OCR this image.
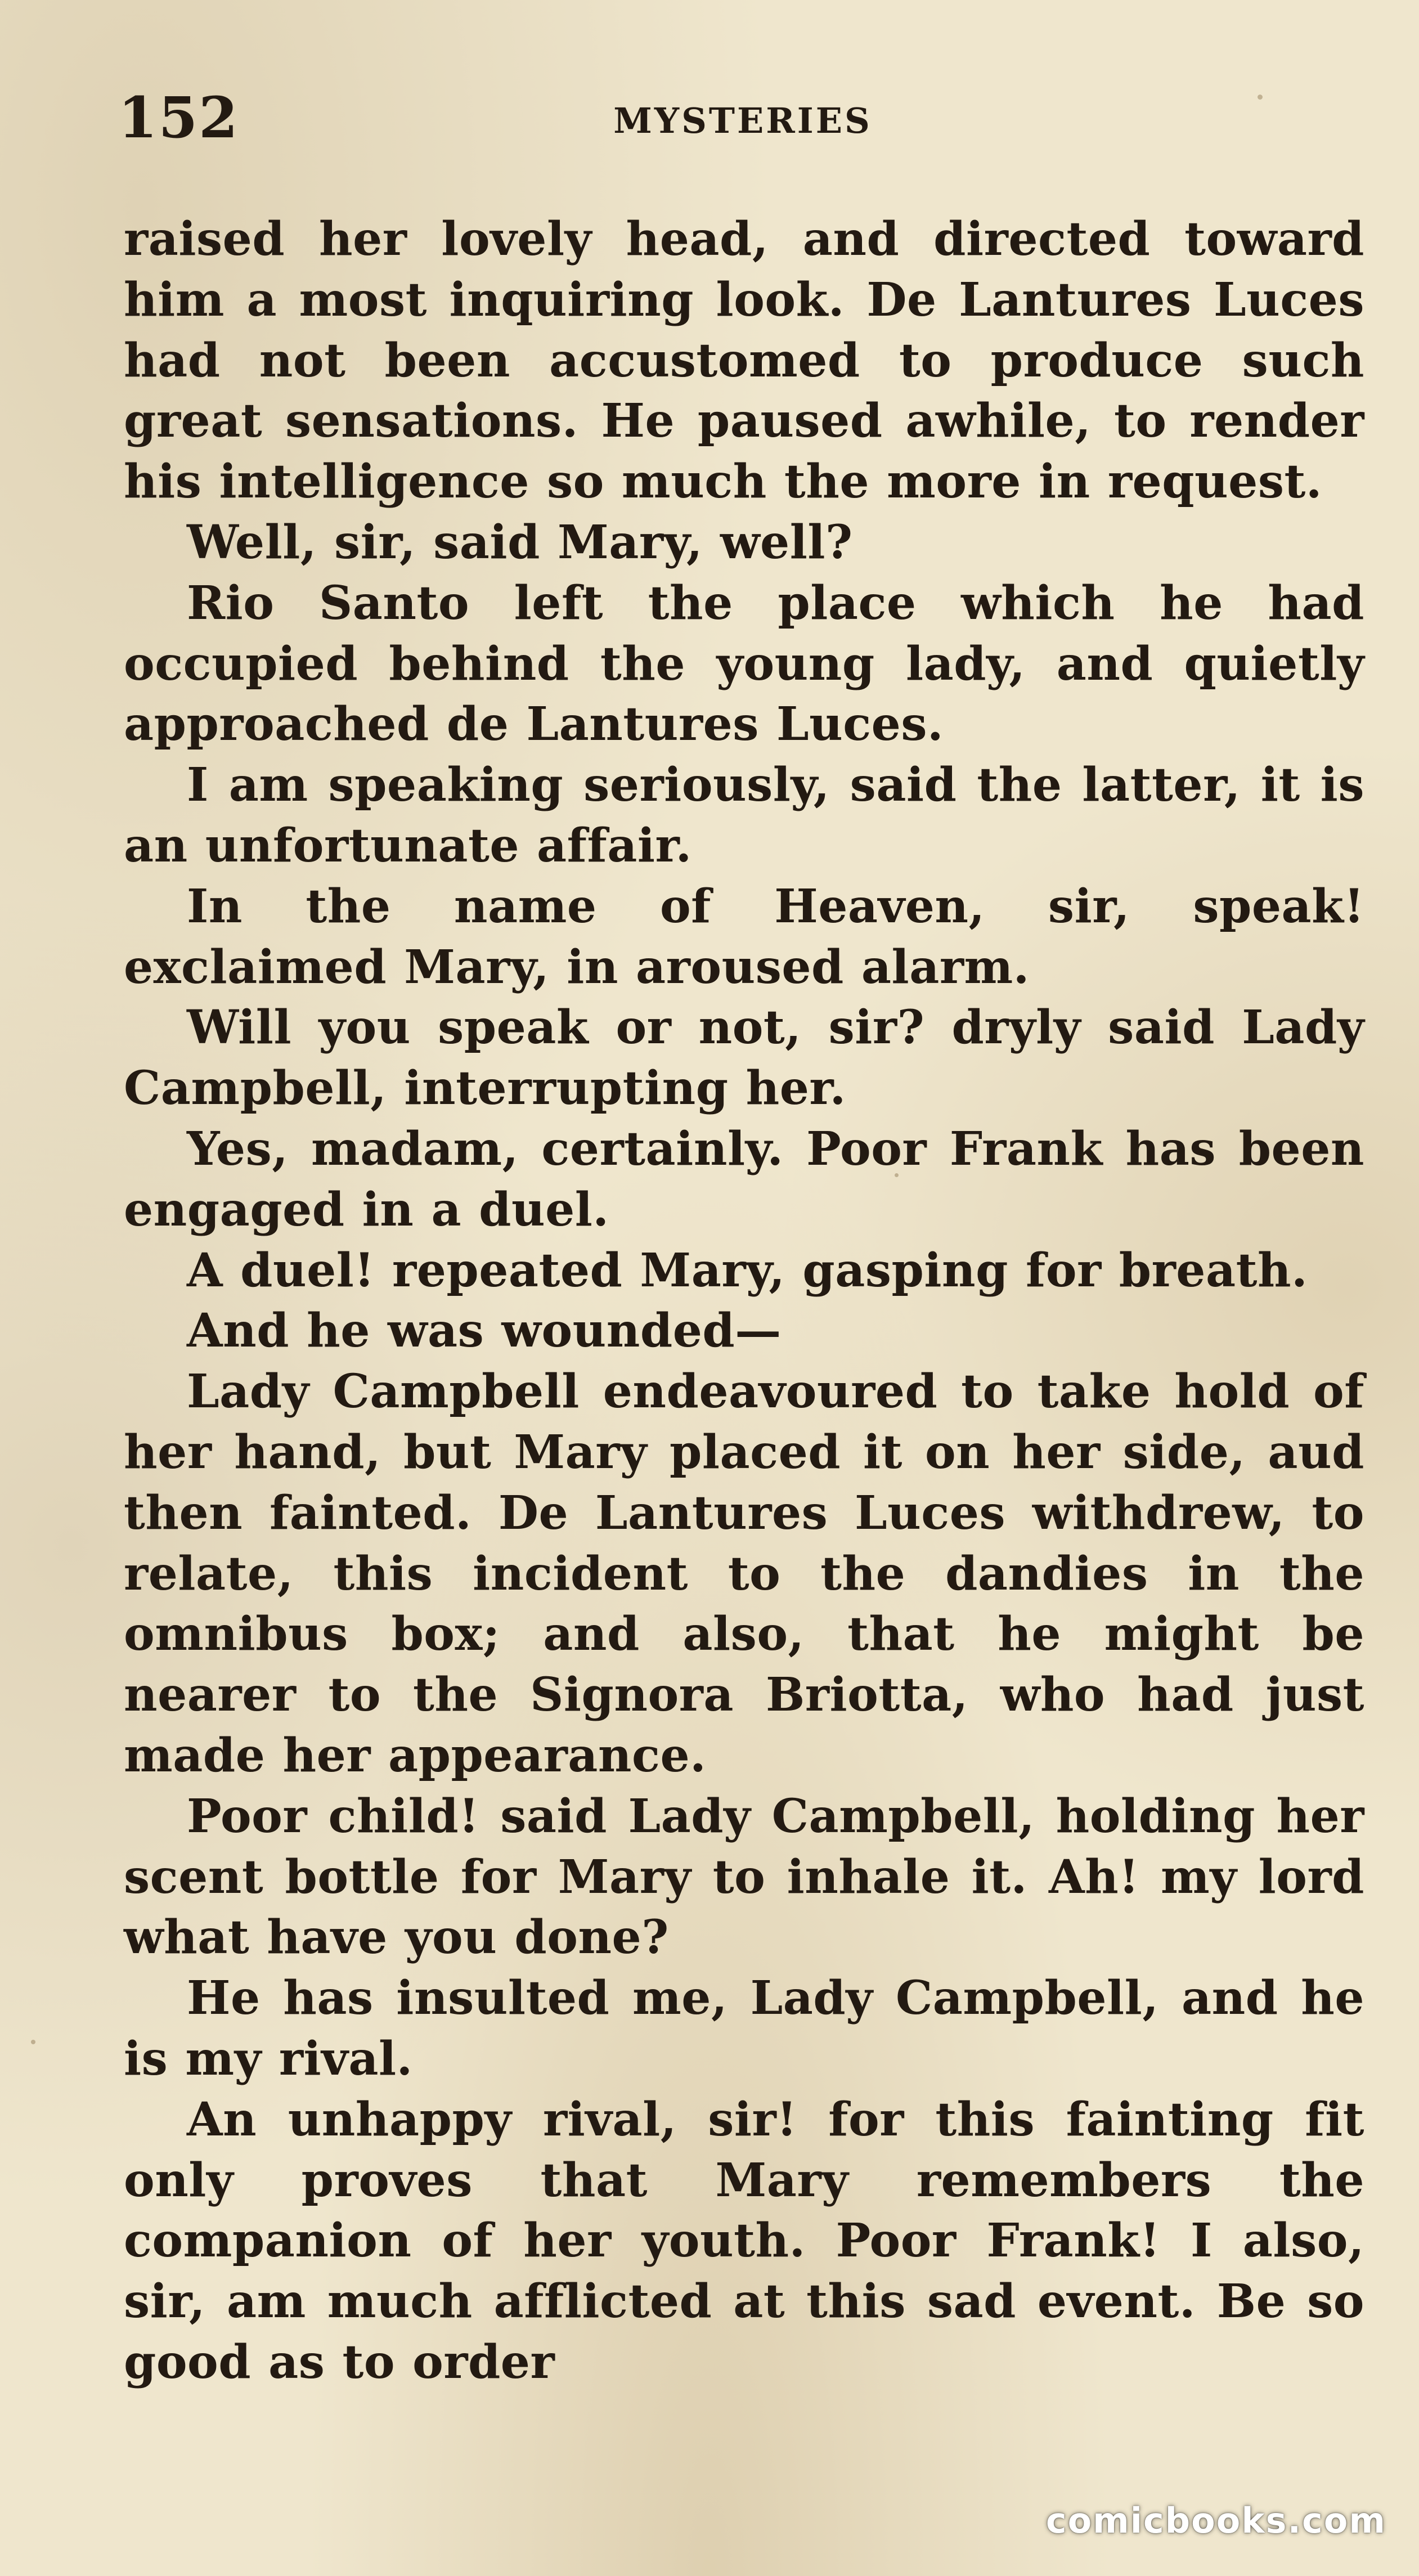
152	MYSTERIES

raised her lovely head, and directed toward him a most inquiring look. De Lantures Luces had not been accustomed to produce such great sensations. He paused awhile, to render his intelligence so much the more in request.

Well, sir, said Mary, well?

Rio Santo left the place which he had occupied behind the young lady, and quietly approached de Lantures Luces.

I am speaking seriously, said the latter, it is an unfortunate affair.

In the name of Heaven, sir, speak! exclaimed Mary, in aroused alarm.

Will you speak or not, sir? dryly said Lady Campbell, interrupting her.

Yes, madam, certainly. Poor Frank has been engaged in a duel.

A duel! repeated Mary, gasping for breath.

And he was wounded—

Lady Campbell endeavoured to take hold of her hand, but Mary placed it on her side, aud then fainted. De Lantures Luces withdrew, to relate, this incident to the dandies in the omnibus box; and also, that he might be nearer to the Signora Briotta, who had just made her appearance.

Poor child! said Lady Campbell, holding her scent bottle for Mary to inhale it. Ah! my lord what have you done?

He has insulted me, Lady Campbell, and he is my rival.

An unhappy rival, sir! for this fainting fit only proves that Mary remembers the companion of her youth. Poor Frank! I also, sir, am much afflicted at this sad event. Be so good as to order

comicbooks.com
